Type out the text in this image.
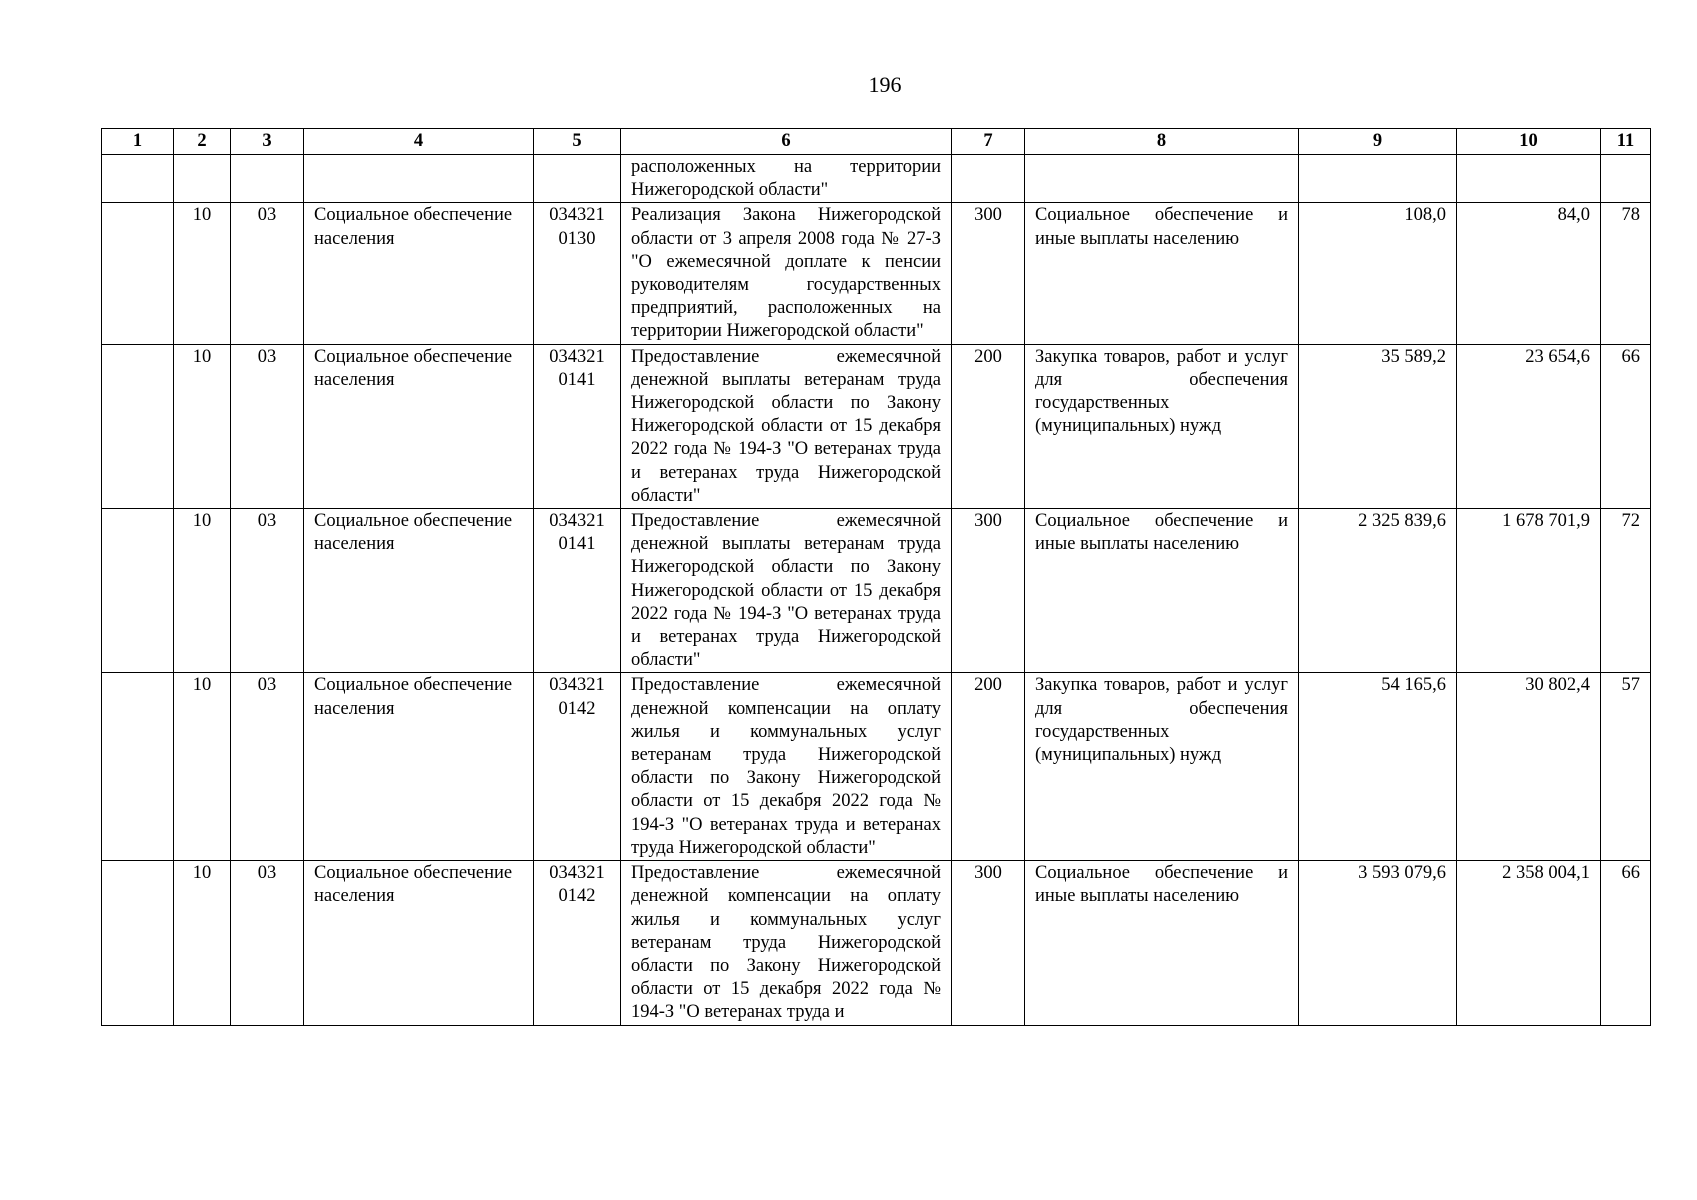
196
1	2	3	4	5	6	7	8	9	10	11
					расположенных на территории Нижегородской области"					
	10	03	Социальное обеспечение населения	034321 0130	Реализация Закона Нижегородской области от 3 апреля 2008 года № 27-З "О ежемесячной доплате к пенсии руководителям государственных предприятий, расположенных на территории Нижегородской области"	300	Социальное обеспечение и иные выплаты населению	108,0	84,0	78
	10	03	Социальное обеспечение населения	034321 0141	Предоставление ежемесячной денежной выплаты ветеранам труда Нижегородской области по Закону Нижегородской области от 15 декабря 2022 года № 194-З "О ветеранах труда и ветеранах труда Нижегородской области"	200	Закупка товаров, работ и услуг для обеспечения государственных (муниципальных) нужд	35 589,2	23 654,6	66
	10	03	Социальное обеспечение населения	034321 0141	Предоставление ежемесячной денежной выплаты ветеранам труда Нижегородской области по Закону Нижегородской области от 15 декабря 2022 года № 194-З "О ветеранах труда и ветеранах труда Нижегородской области"	300	Социальное обеспечение и иные выплаты населению	2 325 839,6	1 678 701,9	72
	10	03	Социальное обеспечение населения	034321 0142	Предоставление ежемесячной денежной компенсации на оплату жилья и коммунальных услуг ветеранам труда Нижегородской области по Закону Нижегородской области от 15 декабря 2022 года № 194-З "О ветеранах труда и ветеранах труда Нижегородской области"	200	Закупка товаров, работ и услуг для обеспечения государственных (муниципальных) нужд	54 165,6	30 802,4	57
	10	03	Социальное обеспечение населения	034321 0142	Предоставление ежемесячной денежной компенсации на оплату жилья и коммунальных услуг ветеранам труда Нижегородской области по Закону Нижегородской области от 15 декабря 2022 года № 194-З "О ветеранах труда и	300	Социальное обеспечение и иные выплаты населению	3 593 079,6	2 358 004,1	66
